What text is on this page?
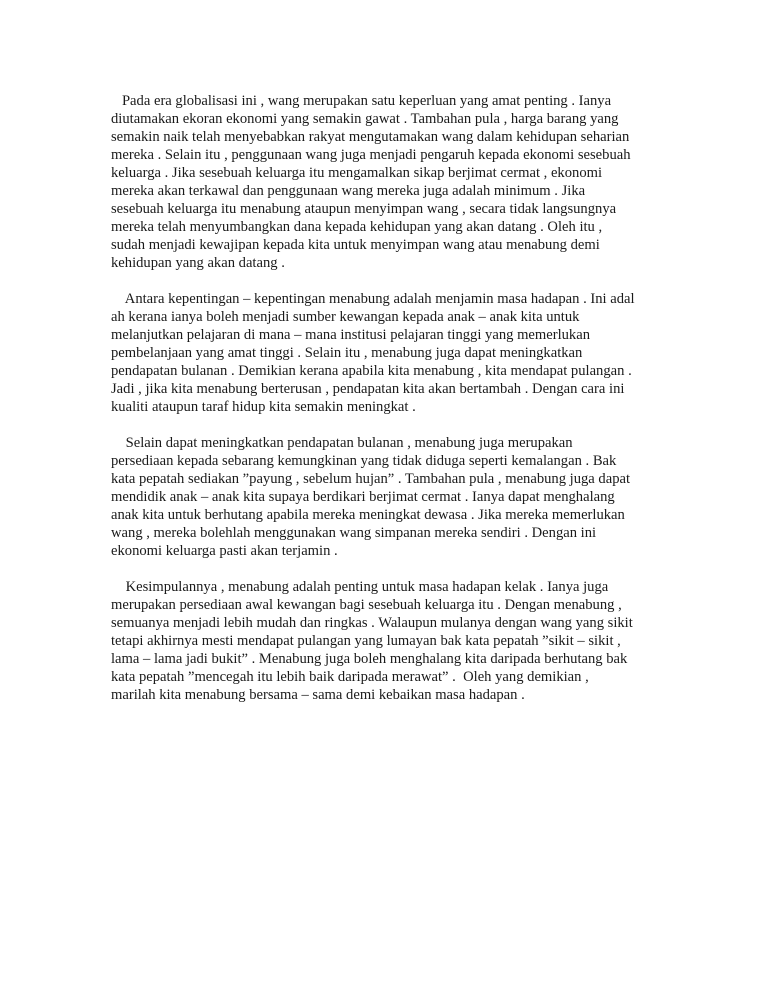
Pada era globalisasi ini , wang merupakan satu keperluan yang amat penting . Ianya
diutamakan ekoran ekonomi yang semakin gawat . Tambahan pula , harga barang yang
semakin naik telah menyebabkan rakyat mengutamakan wang dalam kehidupan seharian
mereka . Selain itu , penggunaan wang juga menjadi pengaruh kepada ekonomi sesebuah
keluarga . Jika sesebuah keluarga itu mengamalkan sikap berjimat cermat , ekonomi
mereka akan terkawal dan penggunaan wang mereka juga adalah minimum . Jika
sesebuah keluarga itu menabung ataupun menyimpan wang , secara tidak langsungnya
mereka telah menyumbangkan dana kepada kehidupan yang akan datang . Oleh itu ,
sudah menjadi kewajipan kepada kita untuk menyimpan wang atau menabung demi
kehidupan yang akan datang .

Antara kepentingan – kepentingan menabung adalah menjamin masa hadapan . Ini adal
ah kerana ianya boleh menjadi sumber kewangan kepada anak – anak kita untuk
melanjutkan pelajaran di mana – mana institusi pelajaran tinggi yang memerlukan
pembelanjaan yang amat tinggi . Selain itu , menabung juga dapat meningkatkan
pendapatan bulanan . Demikian kerana apabila kita menabung , kita mendapat pulangan .
Jadi , jika kita menabung berterusan , pendapatan kita akan bertambah . Dengan cara ini
kualiti ataupun taraf hidup kita semakin meningkat .

Selain dapat meningkatkan pendapatan bulanan , menabung juga merupakan
persediaan kepada sebarang kemungkinan yang tidak diduga seperti kemalangan . Bak
kata pepatah sediakan ”payung , sebelum hujan” . Tambahan pula , menabung juga dapat
mendidik anak – anak kita supaya berdikari berjimat cermat . Ianya dapat menghalang
anak kita untuk berhutang apabila mereka meningkat dewasa . Jika mereka memerlukan
wang , mereka bolehlah menggunakan wang simpanan mereka sendiri . Dengan ini
ekonomi keluarga pasti akan terjamin .

Kesimpulannya , menabung adalah penting untuk masa hadapan kelak . Ianya juga
merupakan persediaan awal kewangan bagi sesebuah keluarga itu . Dengan menabung ,
semuanya menjadi lebih mudah dan ringkas . Walaupun mulanya dengan wang yang sikit
tetapi akhirnya mesti mendapat pulangan yang lumayan bak kata pepatah ”sikit – sikit ,
lama – lama jadi bukit” . Menabung juga boleh menghalang kita daripada berhutang bak
kata pepatah ”mencegah itu lebih baik daripada merawat” .  Oleh yang demikian ,
marilah kita menabung bersama – sama demi kebaikan masa hadapan .
